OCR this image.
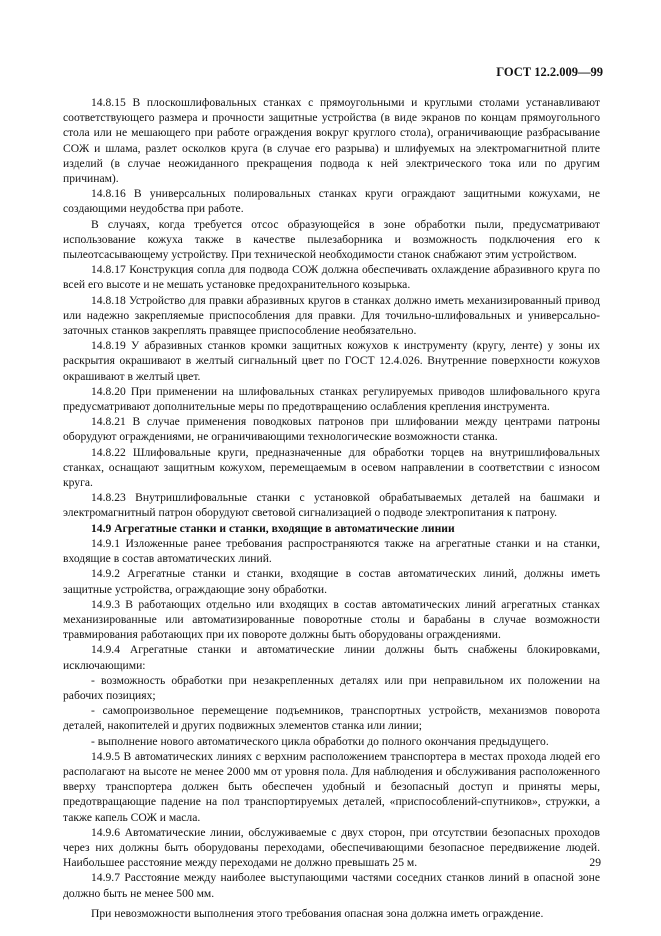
ГОСТ 12.2.009—99

14.8.15 В плоскошлифовальных станках с прямоугольными и круглыми столами устанавливают соответствующего размера и прочности защитные устройства (в виде экранов по концам прямоугольного стола или не мешающего при работе ограждения вокруг круглого стола), ограничивающие разбрасывание СОЖ и шлама, разлет осколков круга (в случае его разрыва) и шлифуемых на электромагнитной плите изделий (в случае неожиданного прекращения подвода к ней электрического тока или по другим причинам).

14.8.16 В универсальных полировальных станках круги ограждают защитными кожухами, не создающими неудобства при работе.

В случаях, когда требуется отсос образующейся в зоне обработки пыли, предусматривают использование кожуха также в качестве пылезаборника и возможность подключения его к пылеотсасывающему устройству. При технической необходимости станок снабжают этим устройством.

14.8.17 Конструкция сопла для подвода СОЖ должна обеспечивать охлаждение абразивного круга по всей его высоте и не мешать установке предохранительного козырька.

14.8.18 Устройство для правки абразивных кругов в станках должно иметь механизированный привод или надежно закрепляемые приспособления для правки. Для точильно-шлифовальных и универсально-заточных станков закреплять правящее приспособление необязательно.

14.8.19 У абразивных станков кромки защитных кожухов к инструменту (кругу, ленте) у зоны их раскрытия окрашивают в желтый сигнальный цвет по ГОСТ 12.4.026. Внутренние поверхности кожухов окрашивают в желтый цвет.

14.8.20 При применении на шлифовальных станках регулируемых приводов шлифовального круга предусматривают дополнительные меры по предотвращению ослабления крепления инструмента.

14.8.21 В случае применения поводковых патронов при шлифовании между центрами патроны оборудуют ограждениями, не ограничивающими технологические возможности станка.

14.8.22 Шлифовальные круги, предназначенные для обработки торцев на внутришлифовальных станках, оснащают защитным кожухом, перемещаемым в осевом направлении в соответствии с износом круга.

14.8.23 Внутришлифовальные станки с установкой обрабатываемых деталей на башмаки и электромагнитный патрон оборудуют световой сигнализацией о подводе электропитания к патрону.

14.9 Агрегатные станки и станки, входящие в автоматические линии

14.9.1 Изложенные ранее требования распространяются также на агрегатные станки и на станки, входящие в состав автоматических линий.

14.9.2 Агрегатные станки и станки, входящие в состав автоматических линий, должны иметь защитные устройства, ограждающие зону обработки.

14.9.3 В работающих отдельно или входящих в состав автоматических линий агрегатных станках механизированные или автоматизированные поворотные столы и барабаны в случае возможности травмирования работающих при их повороте должны быть оборудованы ограждениями.

14.9.4 Агрегатные станки и автоматические линии должны быть снабжены блокировками, исключающими:

- возможность обработки при незакрепленных деталях или при неправильном их положении на рабочих позициях;

- самопроизвольное перемещение подъемников, транспортных устройств, механизмов поворота деталей, накопителей и других подвижных элементов станка или линии;

- выполнение нового автоматического цикла обработки до полного окончания предыдущего.

14.9.5 В автоматических линиях с верхним расположением транспортера в местах прохода людей его располагают на высоте не менее 2000 мм от уровня пола. Для наблюдения и обслуживания расположенного вверху транспортера должен быть обеспечен удобный и безопасный доступ и приняты меры, предотвращающие падение на пол транспортируемых деталей, «приспособлений-спутников», стружки, а также капель СОЖ и масла.

14.9.6 Автоматические линии, обслуживаемые с двух сторон, при отсутствии безопасных проходов через них должны быть оборудованы переходами, обеспечивающими безопасное передвижение людей. Наибольшее расстояние между переходами не должно превышать 25 м.

14.9.7 Расстояние между наиболее выступающими частями соседних станков линий в опасной зоне должно быть не менее 500 мм.

При невозможности выполнения этого требования опасная зона должна иметь ограждение.

29
